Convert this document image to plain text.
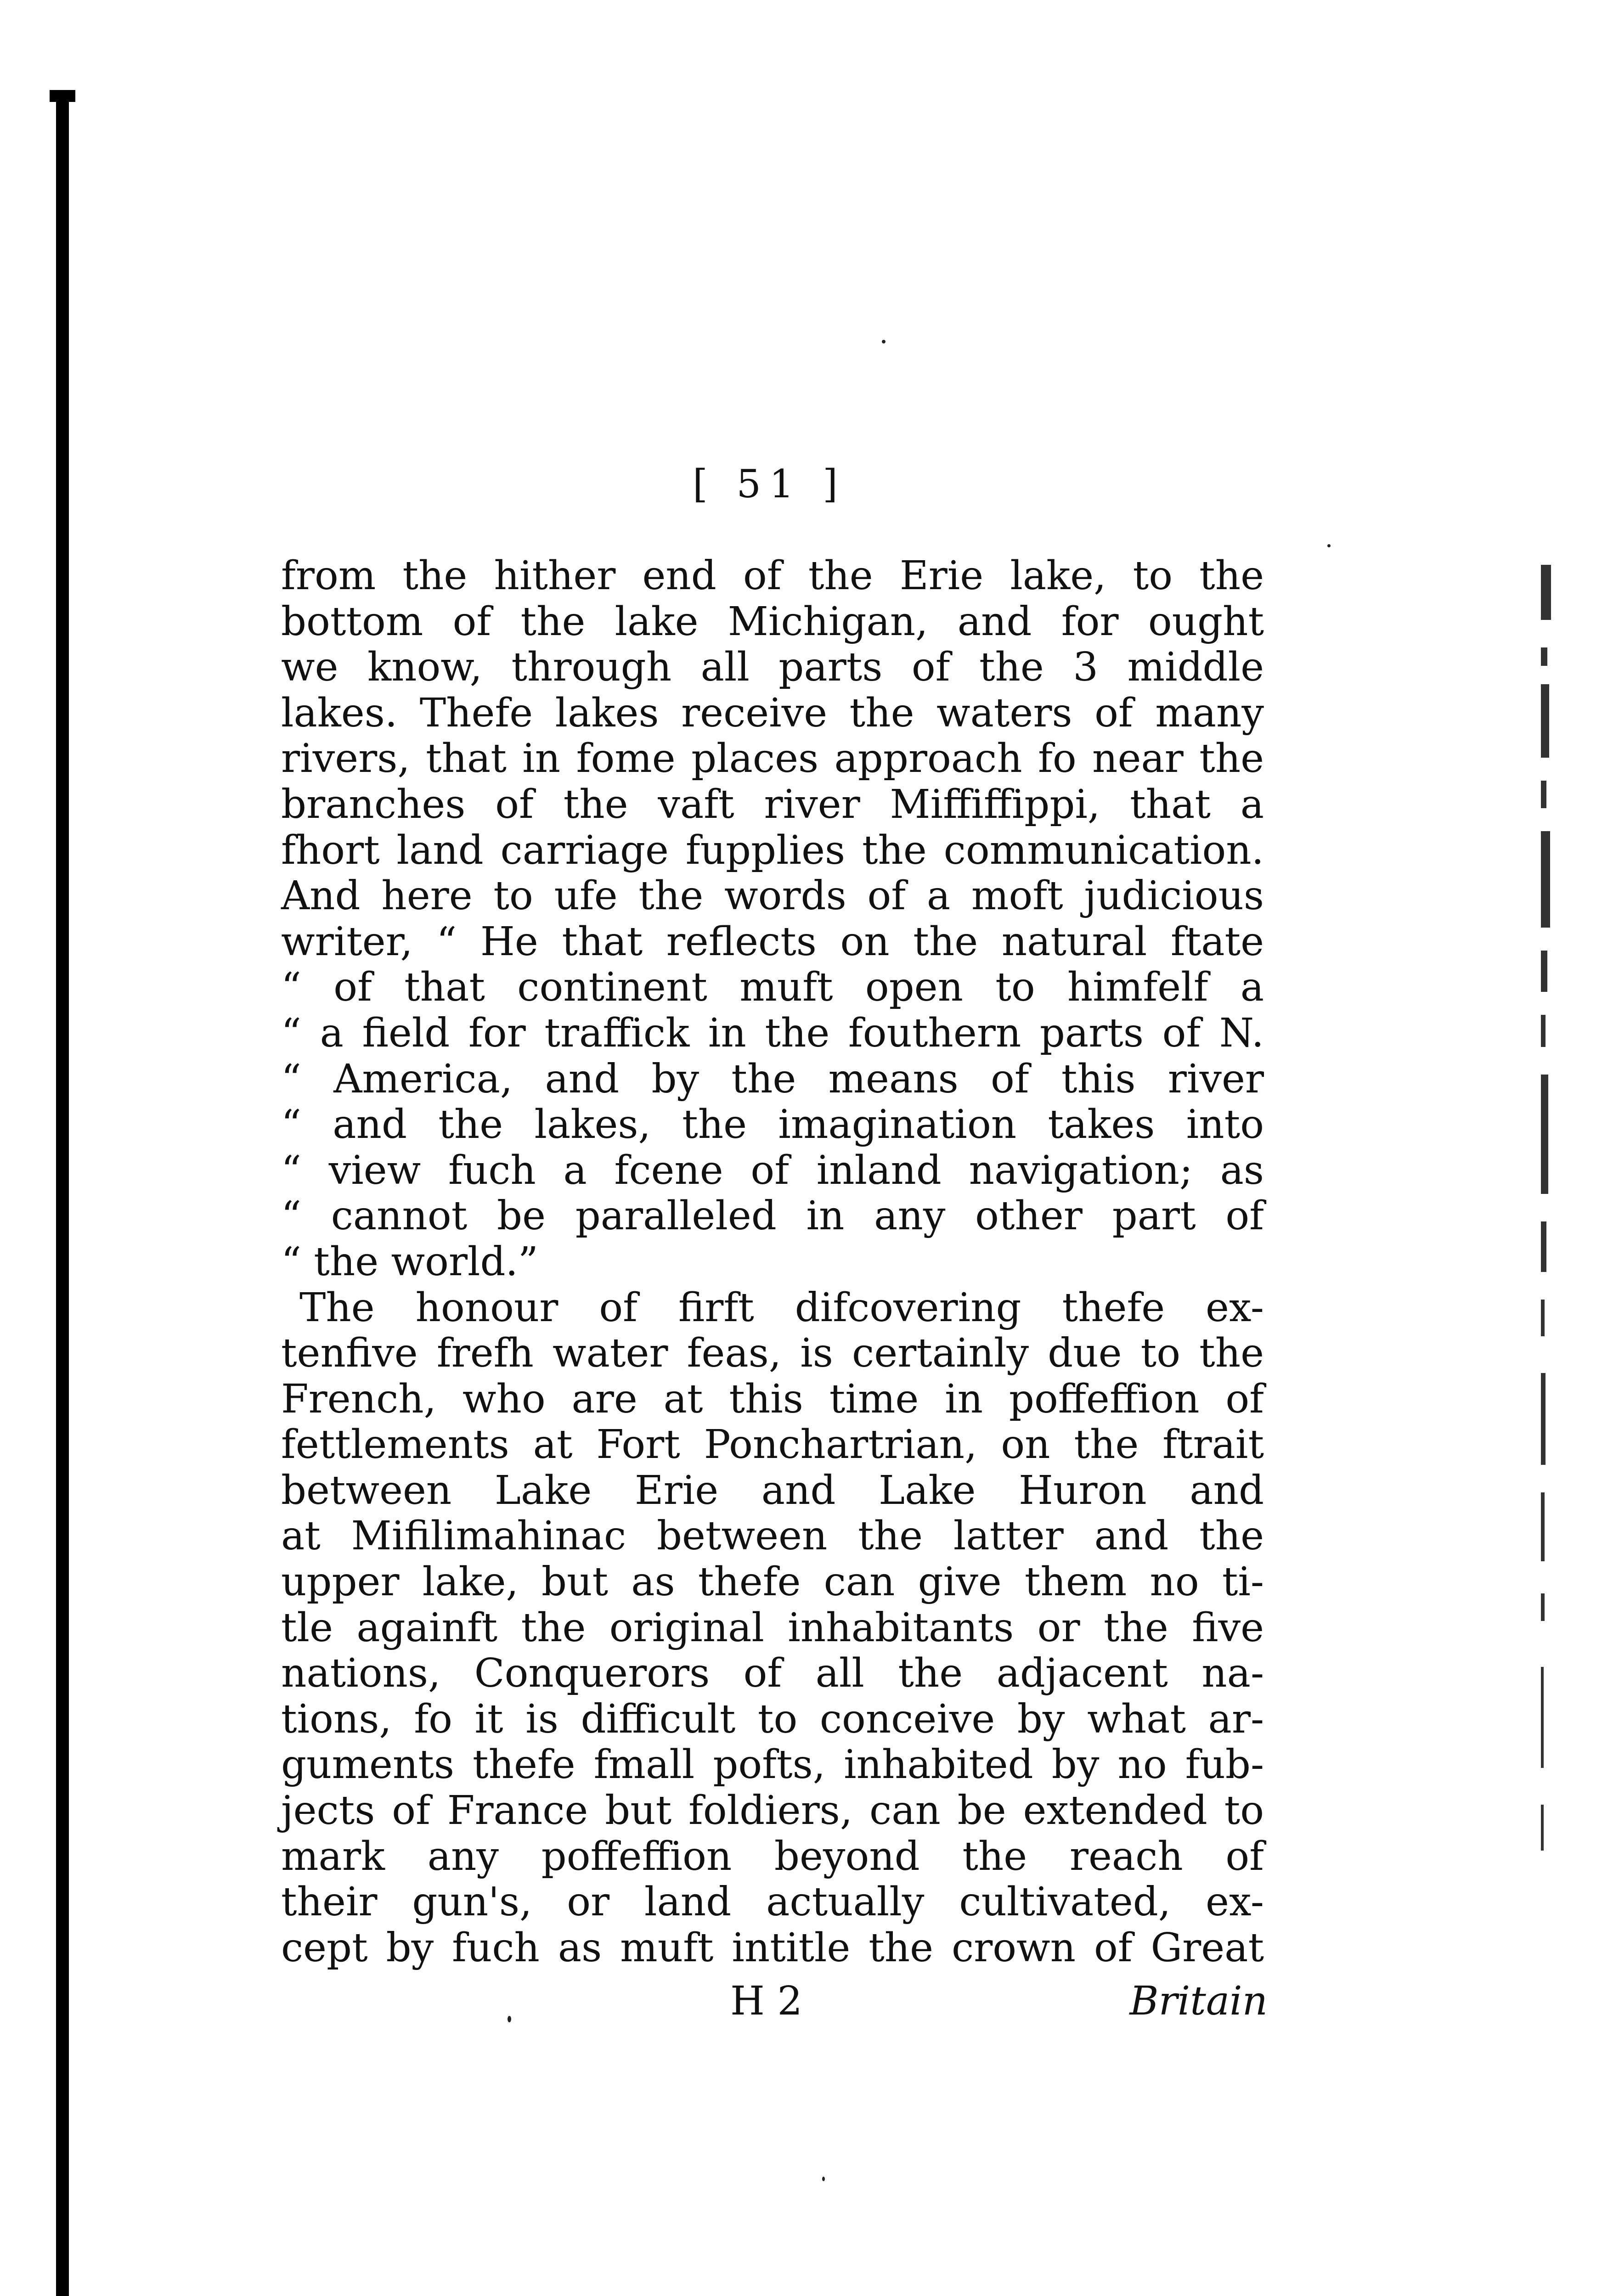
[ 51 ]
from the hither end of the Erie lake, to the
bottom of the lake Michigan, and for ought
we know, through all parts of the 3 middle
lakes. Thefe lakes receive the waters of many
rivers, that in fome places approach fo near the
branches of the vaft river Miffiffippi, that a
fhort land carriage fupplies the communication.
And here to ufe the words of a moft judicious
writer, “ He that reflects on the natural ftate
“ of that continent muft open to himfelf a
“ a field for traffick in the fouthern parts of N.
“ America, and by the means of this river
“ and the lakes, the imagination takes into
“ view fuch a fcene of inland navigation; as
“ cannot be paralleled in any other part of
“ the world.”
The honour of firft difcovering thefe ex-
tenfive frefh water feas, is certainly due to the
French, who are at this time in poffeffion of
fettlements at Fort Ponchartrian, on the ftrait
between Lake Erie and Lake Huron and
at Mifilimahinac between the latter and the
upper lake, but as thefe can give them no ti-
tle againft the original inhabitants or the five
nations, Conquerors of all the adjacent na-
tions, fo it is difficult to conceive by what ar-
guments thefe fmall pofts, inhabited by no fub-
jects of France but foldiers, can be extended to
mark any poffeffion beyond the reach of
their gun's, or land actually cultivated, ex-
cept by fuch as muft intitle the crown of Great
H 2	Britain
